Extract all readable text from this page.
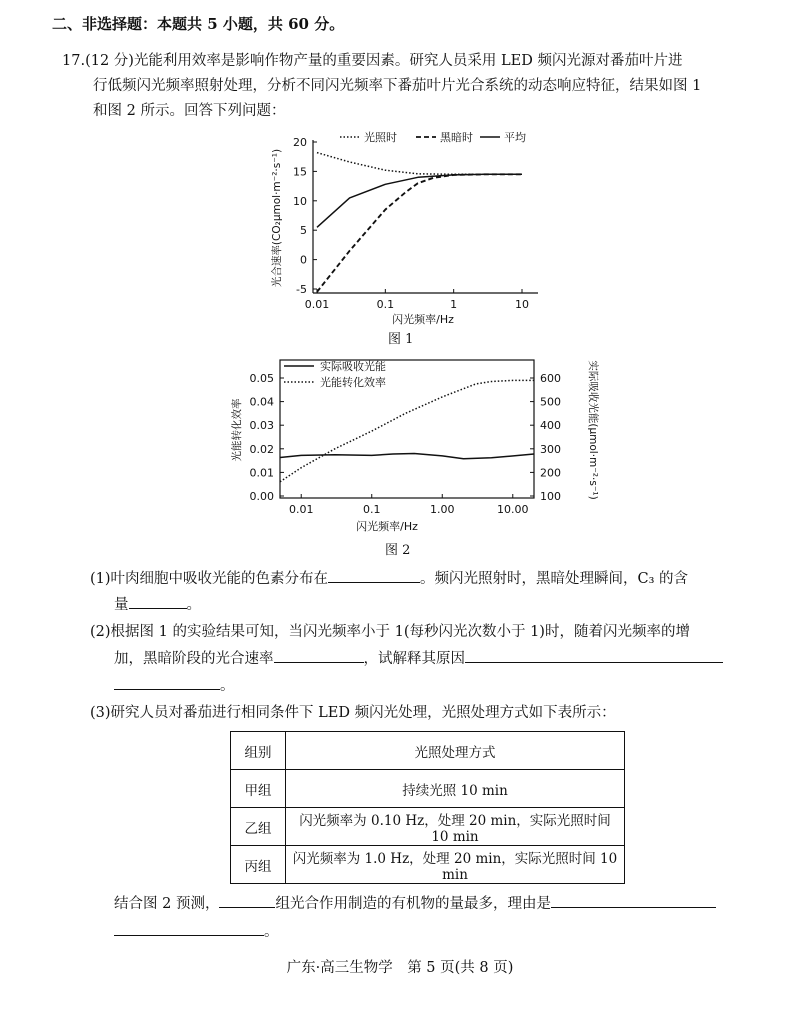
二、非选择题：本题共 5 小题，共 60 分。
17.(12 分)光能利用效率是影响作物产量的重要因素。研究人员采用 LED 频闪光源对番茄叶片进
行低频闪光频率照射处理，分析不同闪光频率下番茄叶片光合系统的动态响应特征，结果如图 1
和图 2 所示。回答下列问题：
光照时	黑暗时	平均
20
15
10
5
0
-5
0.01	0.1	1	10
光合速率(CO₂μmol·m⁻²·s⁻¹)
闪光频率/Hz
图 1
实际吸收光能
光能转化效率
0.05
0.04
0.03
0.02
0.01
0.00
600
500
400
300
200
100
0.01	0.1	1.00	10.00
光能转化效率	实际吸收光能(μmol·m⁻²·s⁻¹)
闪光频率/Hz
图 2
(1)叶肉细胞中吸收光能的色素分布在	。频闪光照射时，黑暗处理瞬间，C₃ 的含
量	。
(2)根据图 1 的实验结果可知，当闪光频率小于 1(每秒闪光次数小于 1)时，随着闪光频率的增
加，黑暗阶段的光合速率	，试解释其原因
。
(3)研究人员对番茄进行相同条件下 LED 频闪光处理，光照处理方式如下表所示：
组别	光照处理方式
甲组	持续光照 10 min
乙组	闪光频率为 0.10 Hz，处理 20 min，实际光照时间 10 min
丙组	闪光频率为 1.0 Hz，处理 20 min，实际光照时间 10 min
结合图 2 预测，	组光合作用制造的有机物的量最多，理由是
。
广东·高三生物学　第 5 页(共 8 页)
